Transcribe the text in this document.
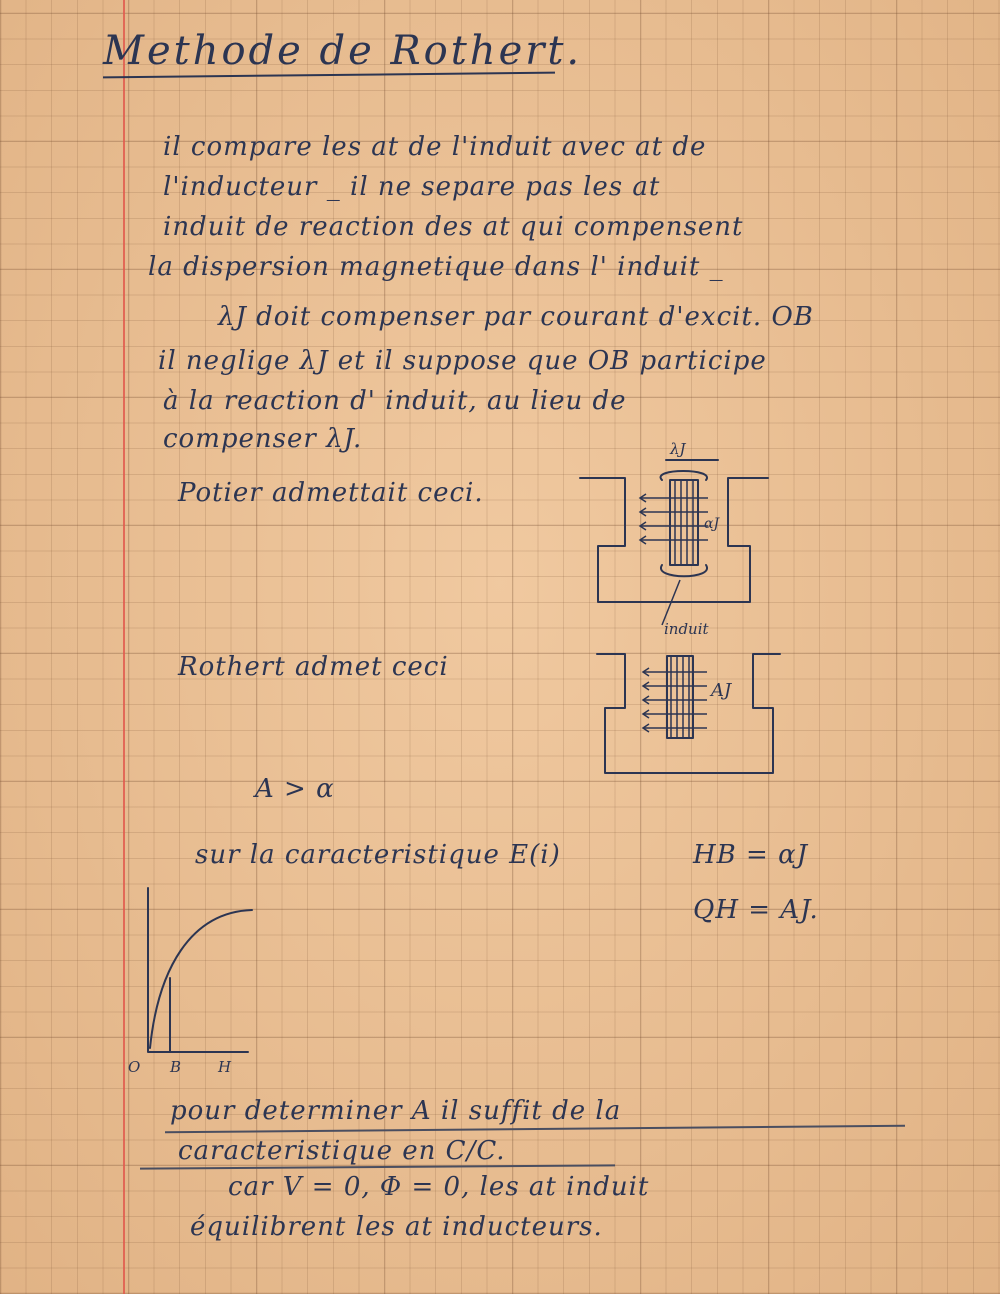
Methode de Rothert.
il compare les at de l'induit avec at de
l'inducteur _ il ne separe pas les at
induit de reaction des at qui compensent
la dispersion magnetique dans l' induit _
λJ doit compenser par courant d'excit. OB
il neglige λJ et il suppose que OB participe
à la reaction d' induit, au lieu de
compenser λJ.
Potier admettait ceci.
λJ
αJ
induit
Rothert admet ceci
AJ
A > α
sur la caracteristique E(i)	HB = αJ
QH = AJ.
O B H
pour determiner A il suffit de la
caracteristique en C/C.
car V = 0, Φ = 0, les at induit
équilibrent les at inducteurs.
